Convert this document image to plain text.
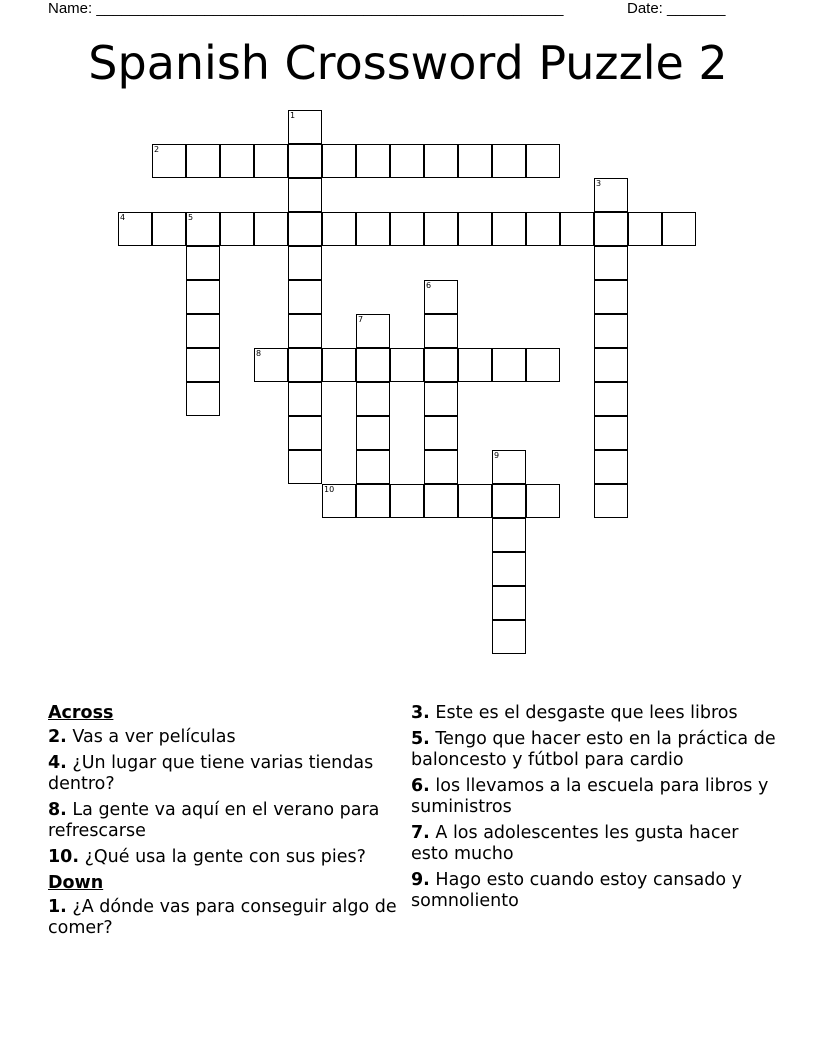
Name: ________________________________________________________	Date: _______
Spanish Crossword Puzzle 2
1
2
3
4	5
6
7
8
9
10
Across
2. Vas a ver películas
4. ¿Un lugar que tiene varias tiendas dentro?
8. La gente va aquí en el verano para refrescarse
10. ¿Qué usa la gente con sus pies?
Down
1. ¿A dónde vas para conseguir algo de comer?
3. Este es el desgaste que lees libros
5. Tengo que hacer esto en la práctica de baloncesto y fútbol para cardio
6. los llevamos a la escuela para libros y suministros
7. A los adolescentes les gusta hacer esto mucho
9. Hago esto cuando estoy cansado y somnoliento
